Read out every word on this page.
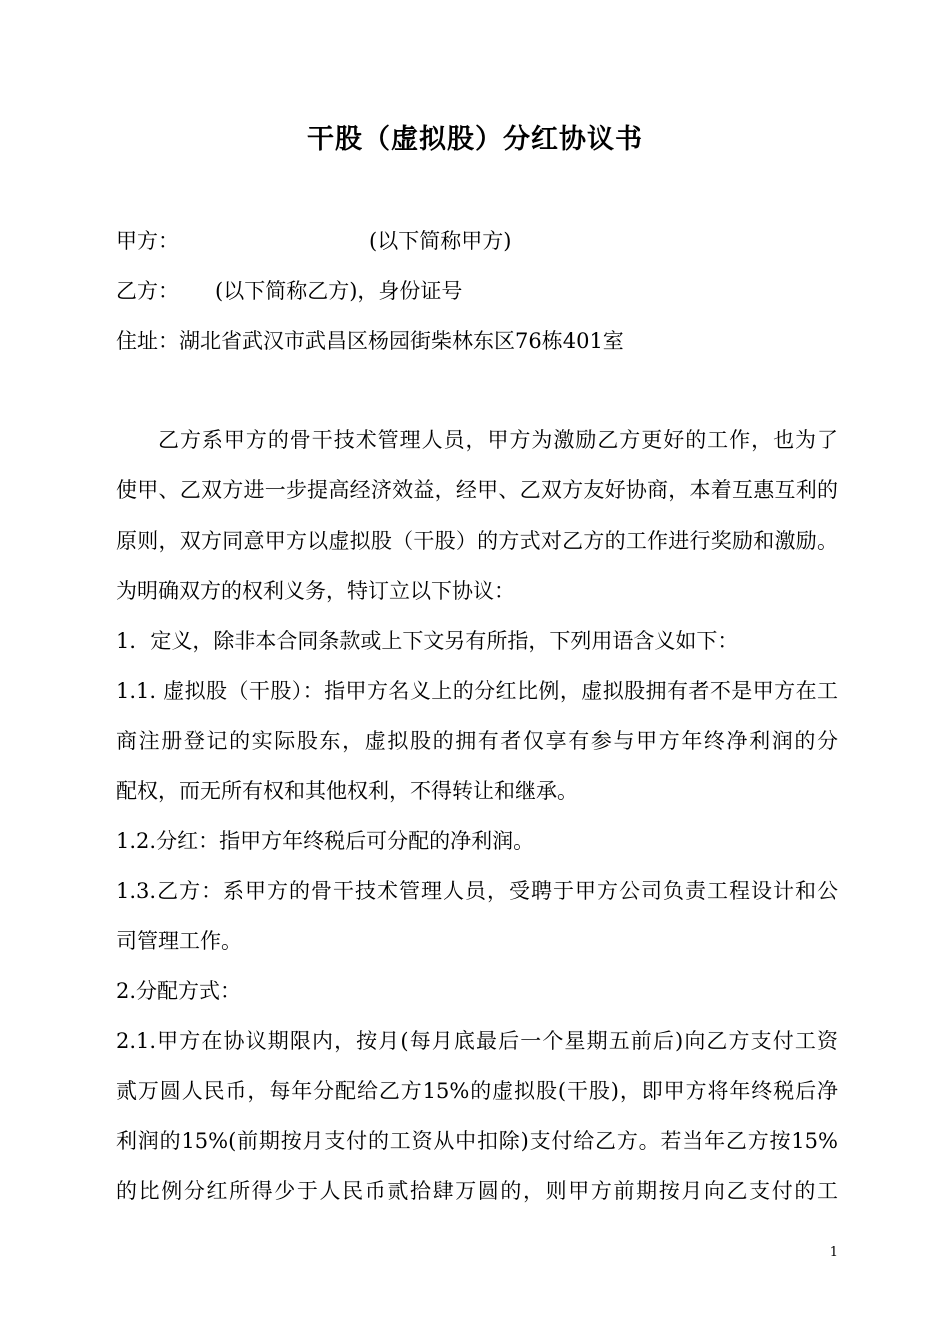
干股（虚拟股）分红协议书
甲方：	(以下简称甲方)
乙方： (以下简称乙方)，身份证号
住址：湖北省武汉市武昌区杨园街柴林东区76栋401室
乙方系甲方的骨干技术管理人员，甲方为激励乙方更好的工作，也为了
使甲、乙双方进一步提高经济效益，经甲、乙双方友好协商，本着互惠互利的
原则，双方同意甲方以虚拟股（干股）的方式对乙方的工作进行奖励和激励。
为明确双方的权利义务，特订立以下协议：
1．定义，除非本合同条款或上下文另有所指，下列用语含义如下：
1.1. 虚拟股（干股）：指甲方名义上的分红比例，虚拟股拥有者不是甲方在工
商注册登记的实际股东，虚拟股的拥有者仅享有参与甲方年终净利润的分
配权，而无所有权和其他权利，不得转让和继承。
1.2.分红：指甲方年终税后可分配的净利润。
1.3.乙方：系甲方的骨干技术管理人员，受聘于甲方公司负责工程设计和公
司管理工作。
2.分配方式：
2.1.甲方在协议期限内，按月(每月底最后一个星期五前后)向乙方支付工资
贰万圆人民币，每年分配给乙方15%的虚拟股(干股)，即甲方将年终税后净
利润的15%(前期按月支付的工资从中扣除)支付给乙方。若当年乙方按15%
的比例分红所得少于人民币贰拾肆万圆的，则甲方前期按月向乙支付的工
1
